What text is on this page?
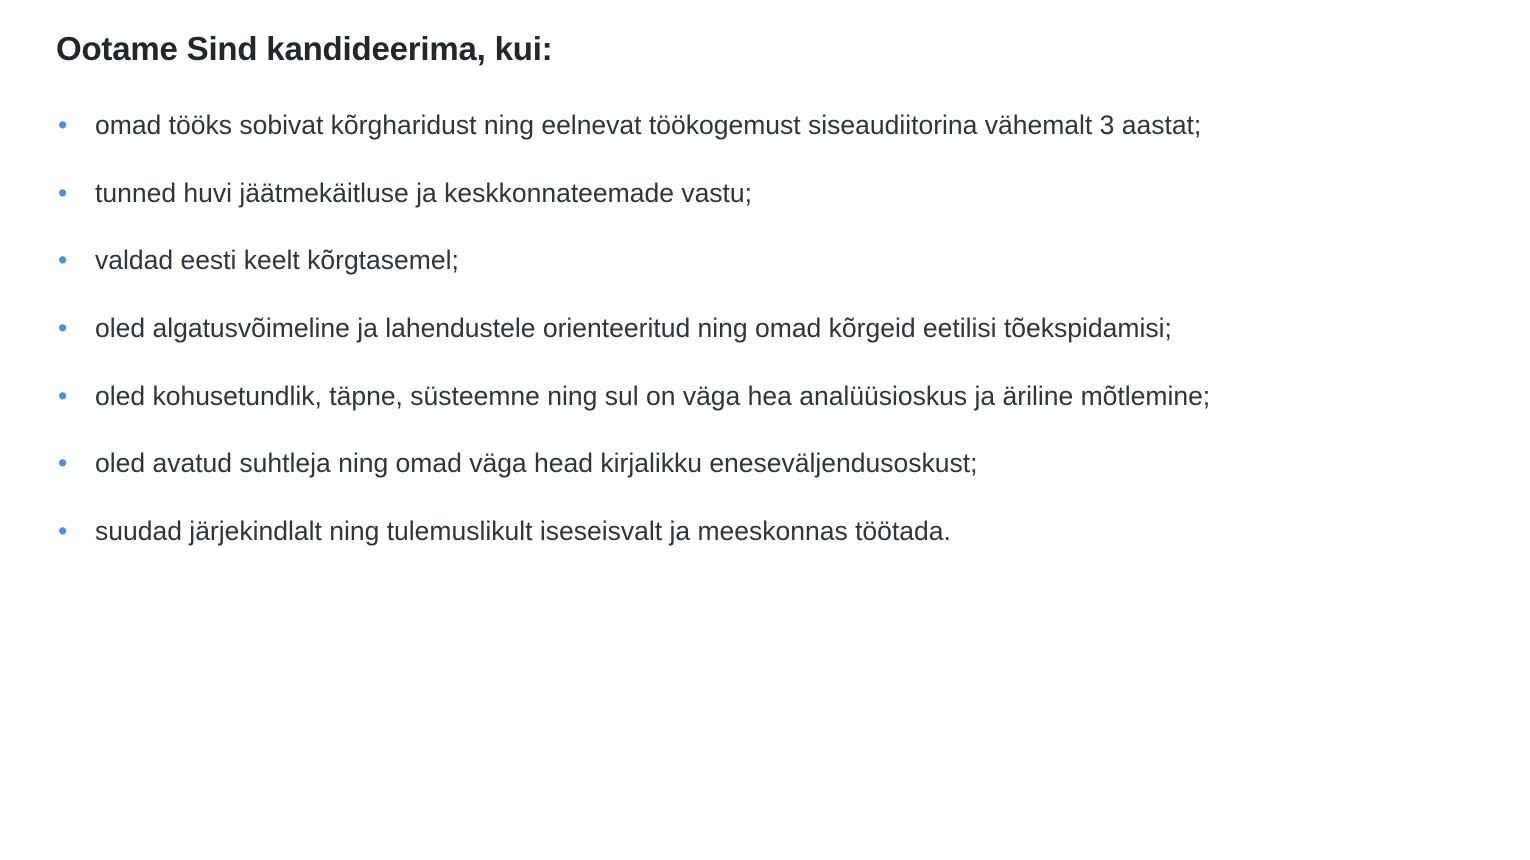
Ootame Sind kandideerima, kui:
• omad tööks sobivat kõrgharidust ning eelnevat töökogemust siseaudiitorina vähemalt 3 aastat;
• tunned huvi jäätmekäitluse ja keskkonnateemade vastu;
• valdad eesti keelt kõrgtasemel;
• oled algatusvõimeline ja lahendustele orienteeritud ning omad kõrgeid eetilisi tõekspidamisi;
• oled kohusetundlik, täpne, süsteemne ning sul on väga hea analüüsioskus ja äriline mõtlemine;
• oled avatud suhtleja ning omad väga head kirjalikku eneseväljendusoskust;
• suudad järjekindlalt ning tulemuslikult iseseisvalt ja meeskonnas töötada.
